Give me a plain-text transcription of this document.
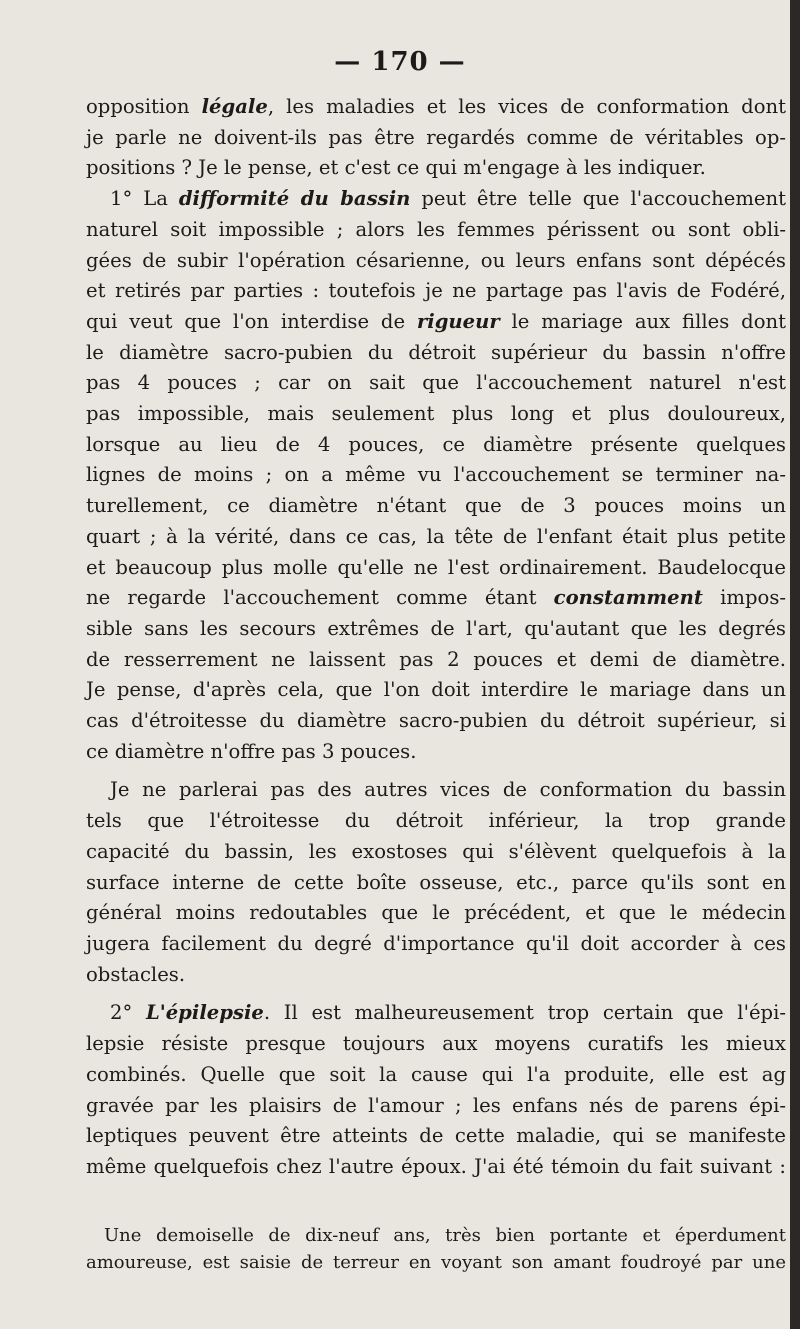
— 170 —
opposition légale, les maladies et les vices de conformation dont
je parle ne doivent-ils pas être regardés comme de véritables op-
positions ? Je le pense, et c'est ce qui m'engage à les indiquer.
1° La difformité du bassin peut être telle que l'accouchement
naturel soit impossible ; alors les femmes périssent ou sont obli-
gées de subir l'opération césarienne, ou leurs enfans sont dépécés
et retirés par parties : toutefois je ne partage pas l'avis de Fodéré,
qui veut que l'on interdise de rigueur le mariage aux filles dont
le diamètre sacro-pubien du détroit supérieur du bassin n'offre
pas 4 pouces ; car on sait que l'accouchement naturel n'est
pas impossible, mais seulement plus long et plus douloureux,
lorsque au lieu de 4 pouces, ce diamètre présente quelques
lignes de moins ; on a même vu l'accouchement se terminer na-
turellement, ce diamètre n'étant que de 3 pouces moins un
quart ; à la vérité, dans ce cas, la tête de l'enfant était plus petite
et beaucoup plus molle qu'elle ne l'est ordinairement. Baudelocque
ne regarde l'accouchement comme étant constamment impos-
sible sans les secours extrêmes de l'art, qu'autant que les degrés
de resserrement ne laissent pas 2 pouces et demi de diamètre.
Je pense, d'après cela, que l'on doit interdire le mariage dans un
cas d'étroitesse du diamètre sacro-pubien du détroit supérieur, si
ce diamètre n'offre pas 3 pouces.
Je ne parlerai pas des autres vices de conformation du bassin
tels que l'étroitesse du détroit inférieur, la trop grande
capacité du bassin, les exostoses qui s'élèvent quelquefois à la
surface interne de cette boîte osseuse, etc., parce qu'ils sont en
général moins redoutables que le précédent, et que le médecin
jugera facilement du degré d'importance qu'il doit accorder à ces
obstacles.
2° L'épilepsie. Il est malheureusement trop certain que l'épi-
lepsie résiste presque toujours aux moyens curatifs les mieux
combinés. Quelle que soit la cause qui l'a produite, elle est ag
gravée par les plaisirs de l'amour ; les enfans nés de parens épi-
leptiques peuvent être atteints de cette maladie, qui se manifeste
même quelquefois chez l'autre époux. J'ai été témoin du fait suivant :
Une demoiselle de dix-neuf ans, très bien portante et éperdument
amoureuse, est saisie de terreur en voyant son amant foudroyé par une
